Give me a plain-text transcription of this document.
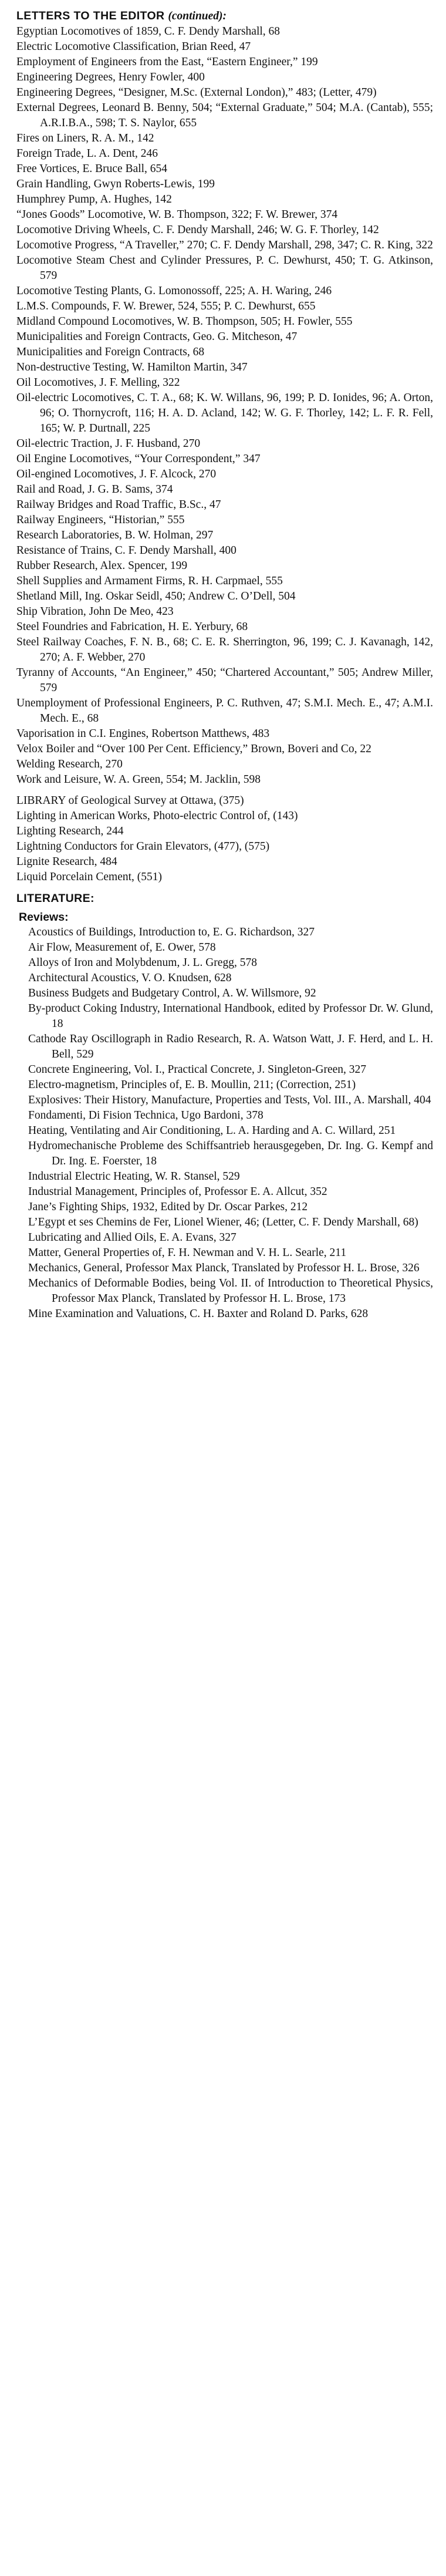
LETTERS TO THE EDITOR (continued):
Egyptian Locomotives of 1859, C. F. Dendy Marshall, 68
Electric Locomotive Classification, Brian Reed, 47
Employment of Engineers from the East, “Eastern Engineer,” 199
Engineering Degrees, Henry Fowler, 400
Engineering Degrees, “Designer, M.Sc. (External London),” 483; (Letter, 479)
External Degrees, Leonard B. Benny, 504; “External Graduate,” 504; M.A. (Cantab), 555; A.R.I.B.A., 598; T. S. Naylor, 655
Fires on Liners, R. A. M., 142
Foreign Trade, L. A. Dent, 246
Free Vortices, E. Bruce Ball, 654
Grain Handling, Gwyn Roberts-Lewis, 199
Humphrey Pump, A. Hughes, 142
“Jones Goods” Locomotive, W. B. Thompson, 322; F. W. Brewer, 374
Locomotive Driving Wheels, C. F. Dendy Marshall, 246; W. G. F. Thorley, 142
Locomotive Progress, “A Traveller,” 270; C. F. Dendy Marshall, 298, 347; C. R. King, 322
Locomotive Steam Chest and Cylinder Pressures, P. C. Dewhurst, 450; T. G. Atkinson, 579
Locomotive Testing Plants, G. Lomonossoff, 225; A. H. Waring, 246
L.M.S. Compounds, F. W. Brewer, 524, 555; P. C. Dewhurst, 655
Midland Compound Locomotives, W. B. Thompson, 505; H. Fowler, 555
Municipalities and Foreign Contracts, Geo. G. Mitcheson, 47
Municipalities and Foreign Contracts, 68
Non-destructive Testing, W. Hamilton Martin, 347
Oil Locomotives, J. F. Melling, 322
Oil-electric Locomotives, C. T. A., 68; K. W. Willans, 96, 199; P. D. Ionides, 96; A. Orton, 96; O. Thornycroft, 116; H. A. D. Acland, 142; W. G. F. Thorley, 142; L. F. R. Fell, 165; W. P. Durtnall, 225
Oil-electric Traction, J. F. Husband, 270
Oil Engine Locomotives, “Your Correspondent,” 347
Oil-engined Locomotives, J. F. Alcock, 270
Rail and Road, J. G. B. Sams, 374
Railway Bridges and Road Traffic, B.Sc., 47
Railway Engineers, “Historian,” 555
Research Laboratories, B. W. Holman, 297
Resistance of Trains, C. F. Dendy Marshall, 400
Rubber Research, Alex. Spencer, 199
Shell Supplies and Armament Firms, R. H. Carpmael, 555
Shetland Mill, Ing. Oskar Seidl, 450; Andrew C. O’Dell, 504
Ship Vibration, John De Meo, 423
Steel Foundries and Fabrication, H. E. Yerbury, 68
Steel Railway Coaches, F. N. B., 68; C. E. R. Sherrington, 96, 199; C. J. Kavanagh, 142, 270; A. F. Webber, 270
Tyranny of Accounts, “An Engineer,” 450; “Chartered Accountant,” 505; Andrew Miller, 579
Unemployment of Professional Engineers, P. C. Ruthven, 47; S.M.I. Mech. E., 47; A.M.I. Mech. E., 68
Vaporisation in C.I. Engines, Robertson Matthews, 483
Velox Boiler and “Over 100 Per Cent. Efficiency,” Brown, Boveri and Co, 22
Welding Research, 270
Work and Leisure, W. A. Green, 554; M. Jacklin, 598
LIBRARY of Geological Survey at Ottawa, (375)
Lighting in American Works, Photo-electric Control of, (143)
Lighting Research, 244
Lightning Conductors for Grain Elevators, (477), (575)
Lignite Research, 484
Liquid Porcelain Cement, (551)
LITERATURE:
Reviews:
Acoustics of Buildings, Introduction to, E. G. Richardson, 327
Air Flow, Measurement of, E. Ower, 578
Alloys of Iron and Molybdenum, J. L. Gregg, 578
Architectural Acoustics, V. O. Knudsen, 628
Business Budgets and Budgetary Control, A. W. Willsmore, 92
By-product Coking Industry, International Handbook, edited by Professor Dr. W. Glund, 18
Cathode Ray Oscillograph in Radio Research, R. A. Watson Watt, J. F. Herd, and L. H. Bell, 529
Concrete Engineering, Vol. I., Practical Concrete, J. Singleton-Green, 327
Electro-magnetism, Principles of, E. B. Moullin, 211; (Correction, 251)
Explosives: Their History, Manufacture, Properties and Tests, Vol. III., A. Marshall, 404
Fondamenti, Di Fision Technica, Ugo Bardoni, 378
Heating, Ventilating and Air Conditioning, L. A. Harding and A. C. Willard, 251
Hydromechanische Probleme des Schiffsantrieb herausgegeben, Dr. Ing. G. Kempf and Dr. Ing. E. Foerster, 18
Industrial Electric Heating, W. R. Stansel, 529
Industrial Management, Principles of, Professor E. A. Allcut, 352
Jane’s Fighting Ships, 1932, Edited by Dr. Oscar Parkes, 212
L’Egypt et ses Chemins de Fer, Lionel Wiener, 46; (Letter, C. F. Dendy Marshall, 68)
Lubricating and Allied Oils, E. A. Evans, 327
Matter, General Properties of, F. H. Newman and V. H. L. Searle, 211
Mechanics, General, Professor Max Planck, Translated by Professor H. L. Brose, 326
Mechanics of Deformable Bodies, being Vol. II. of Introduction to Theoretical Physics, Professor Max Planck, Translated by Professor H. L. Brose, 173
Mine Examination and Valuations, C. H. Baxter and Roland D. Parks, 628
